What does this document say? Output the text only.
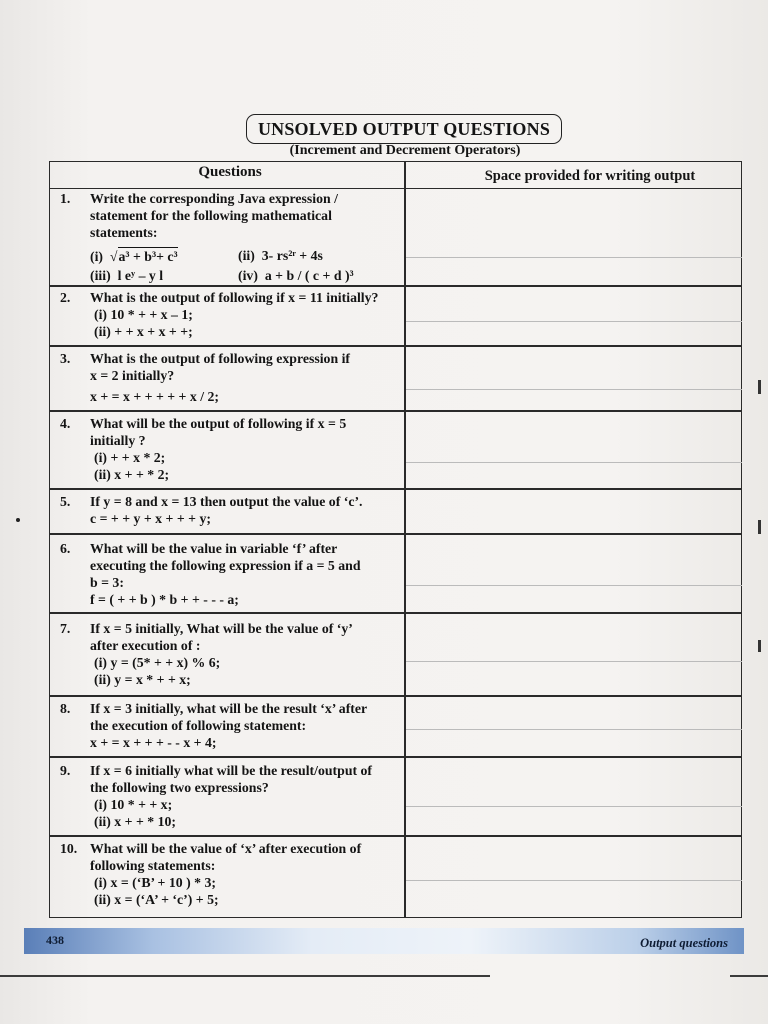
UNSOLVED OUTPUT QUESTIONS
(Increment and Decrement Operators)
Questions	Space provided for writing output
1.	Write the corresponding Java expression /
statement for the following mathematical
statements:
(i)  √a³ + b³+ c³	(ii) 3- rs²ʳ + 4s
(iii) l eʸ – y l	(iv) a + b / ( c + d )³
2.	What is the output of following if x = 11 initially?
(i) 10 * + + x – 1;
(ii) + + x + x + +;
3.	What is the output of following expression if
x = 2 initially?
x + = x + + + + + x / 2;
4.	What will be the output of following if x = 5
initially ?
(i) + + x * 2;
(ii) x + + * 2;
5.	If y = 8 and x = 13 then output the value of ‘c’.
c = + + y + x + + + y;
6.	What will be the value in variable ‘f’ after
executing the following expression if a = 5 and
b = 3:
f = ( + + b ) * b + + - - - a;
7.	If x = 5 initially, What will be the value of ‘y’
after execution of :
(i) y = (5* + + x) % 6;
(ii) y = x * + + x;
8.	If x = 3 initially, what will be the result ‘x’ after
the execution of following statement:
x + = x + + + - - x + 4;
9.	If x = 6 initially what will be the result/output of
the following two expressions?
(i) 10 * + + x;
(ii) x + + * 10;
10. What will be the value of ‘x’ after execution of
following statements:
(i) x = (‘B’ + 10 ) * 3;
(ii) x = (‘A’ + ‘c’) + 5;
438	Output questions
